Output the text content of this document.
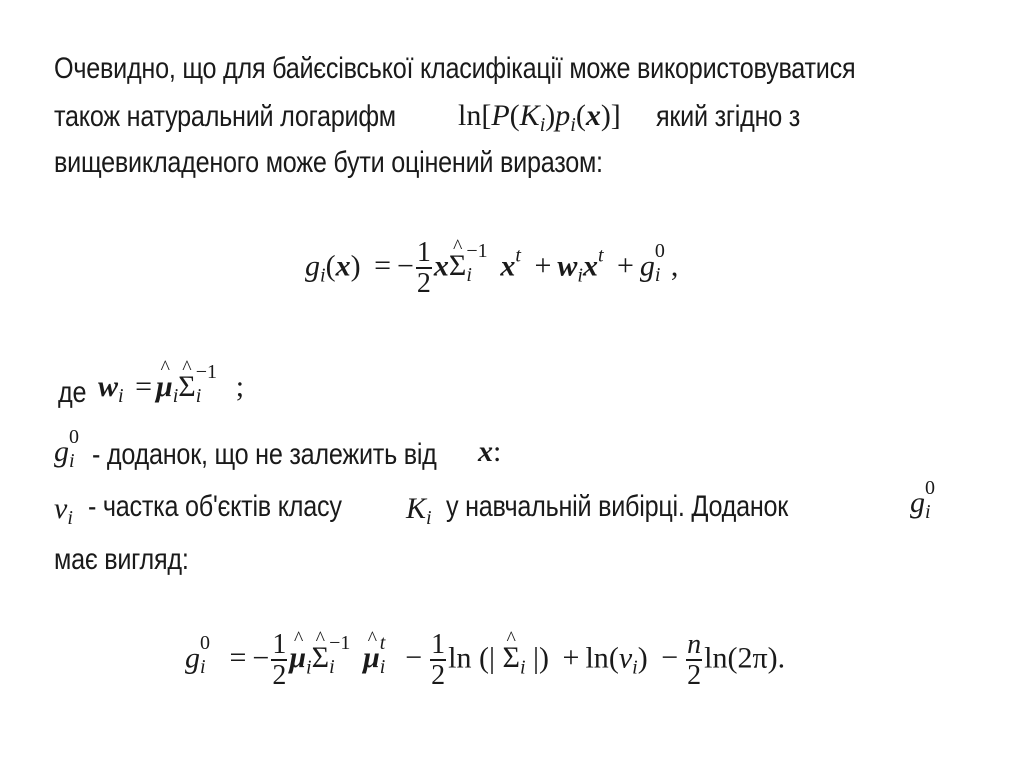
Очевидно, що для байєсівської класифікації може використовуватися
також натуральний логарифм $\ln[P(K_i)p_i(x)]$ який згідно з
вищевикладеного може бути оцінений виразом:
$g_i(x)$ = − $\frac{1}{2}$ x^ Σ −1
i $x^t + w_ix^t + g$ 0
i ,
де $w_i$ = ^ $\mu_i\^{}$ Σ −1
i ;
g 0
i - доданок, що не залежить від x:
$\nu_i$ - частка об'єктів класу $K_i$ у навчальній вибірці. Доданок	g 0
i
має вигляд:
g 0
i = − $\frac{1}{2}$ ^ $\mu_i\^{}$ Σ −1
i ^ μ t
$i - \frac{1}{2}$ ln (| ^ $\Sigma_i$ |) + $\ln(\nu_i) - \frac{n}{2} \ln(2\pi)$.
